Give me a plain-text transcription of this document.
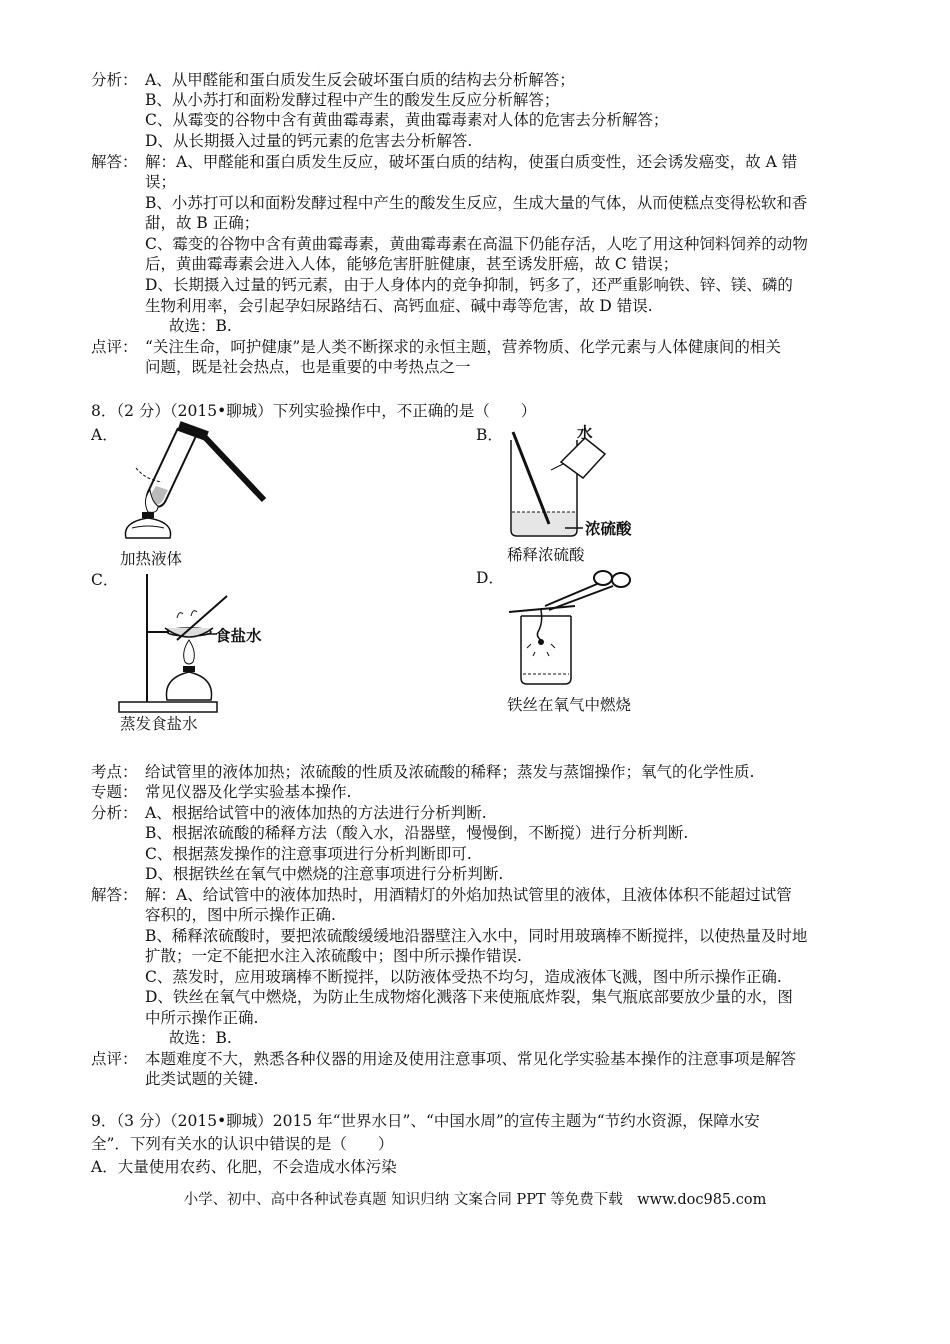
分析： A、从甲醛能和蛋白质发生反会破坏蛋白质的结构去分析解答；
B、从小苏打和面粉发酵过程中产生的酸发生反应分析解答；
C、从霉变的谷物中含有黄曲霉毒素，黄曲霉毒素对人体的危害去分析解答；
D、从长期摄入过量的钙元素的危害去分析解答.
解答： 解：A、甲醛能和蛋白质发生反应，破坏蛋白质的结构，使蛋白质变性，还会诱发癌变，故 A 错
误；
B、小苏打可以和面粉发酵过程中产生的酸发生反应，生成大量的气体，从而使糕点变得松软和香
甜，故 B 正确；
C、霉变的谷物中含有黄曲霉毒素，黄曲霉毒素在高温下仍能存活，人吃了用这种饲料饲养的动物
后，黄曲霉毒素会进入人体，能够危害肝脏健康，甚至诱发肝癌，故 C 错误；
D、长期摄入过量的钙元素，由于人身体内的竞争抑制，钙多了，还严重影响铁、锌、镁、磷的
生物利用率，会引起孕妇尿路结石、高钙血症、碱中毒等危害，故 D 错误.
故选：B.
点评： “关注生命，呵护健康”是人类不断探求的永恒主题，营养物质、化学元素与人体健康间的相关
问题，既是社会热点，也是重要的中考热点之一
8．（2 分）（2015•聊城）下列实验操作中，不正确的是（　　）
A．
加热液体
B．	水
浓硫酸
稀释浓硫酸
C．
食盐水
蒸发食盐水
D．
铁丝在氧气中燃烧
考点： 给试管里的液体加热；浓硫酸的性质及浓硫酸的稀释；蒸发与蒸馏操作；氧气的化学性质.
专题： 常见仪器及化学实验基本操作.
分析： A、根据给试管中的液体加热的方法进行分析判断.
B、根据浓硫酸的稀释方法（酸入水，沿器壁，慢慢倒，不断搅）进行分析判断.
C、根据蒸发操作的注意事项进行分析判断即可.
D、根据铁丝在氧气中燃烧的注意事项进行分析判断.
解答： 解：A、给试管中的液体加热时，用酒精灯的外焰加热试管里的液体，且液体体积不能超过试管
容积的，图中所示操作正确.
B、稀释浓硫酸时，要把浓硫酸缓缓地沿器壁注入水中，同时用玻璃棒不断搅拌，以使热量及时地
扩散；一定不能把水注入浓硫酸中；图中所示操作错误.
C、蒸发时，应用玻璃棒不断搅拌，以防液体受热不均匀，造成液体飞溅，图中所示操作正确.
D、铁丝在氧气中燃烧，为防止生成物熔化溅落下来使瓶底炸裂，集气瓶底部要放少量的水，图
中所示操作正确.
故选：B.
点评： 本题难度不大，熟悉各种仪器的用途及使用注意事项、常见化学实验基本操作的注意事项是解答
此类试题的关键.
9．（3 分）（2015•聊城）2015 年“世界水日”、“中国水周”的宣传主题为“节约水资源，保障水安
全”．下列有关水的认识中错误的是（　　）
A．大量使用农药、化肥，不会造成水体污染
小学、初中、高中各种试卷真题 知识归纳 文案合同 PPT 等免费下载　www.doc985.com
